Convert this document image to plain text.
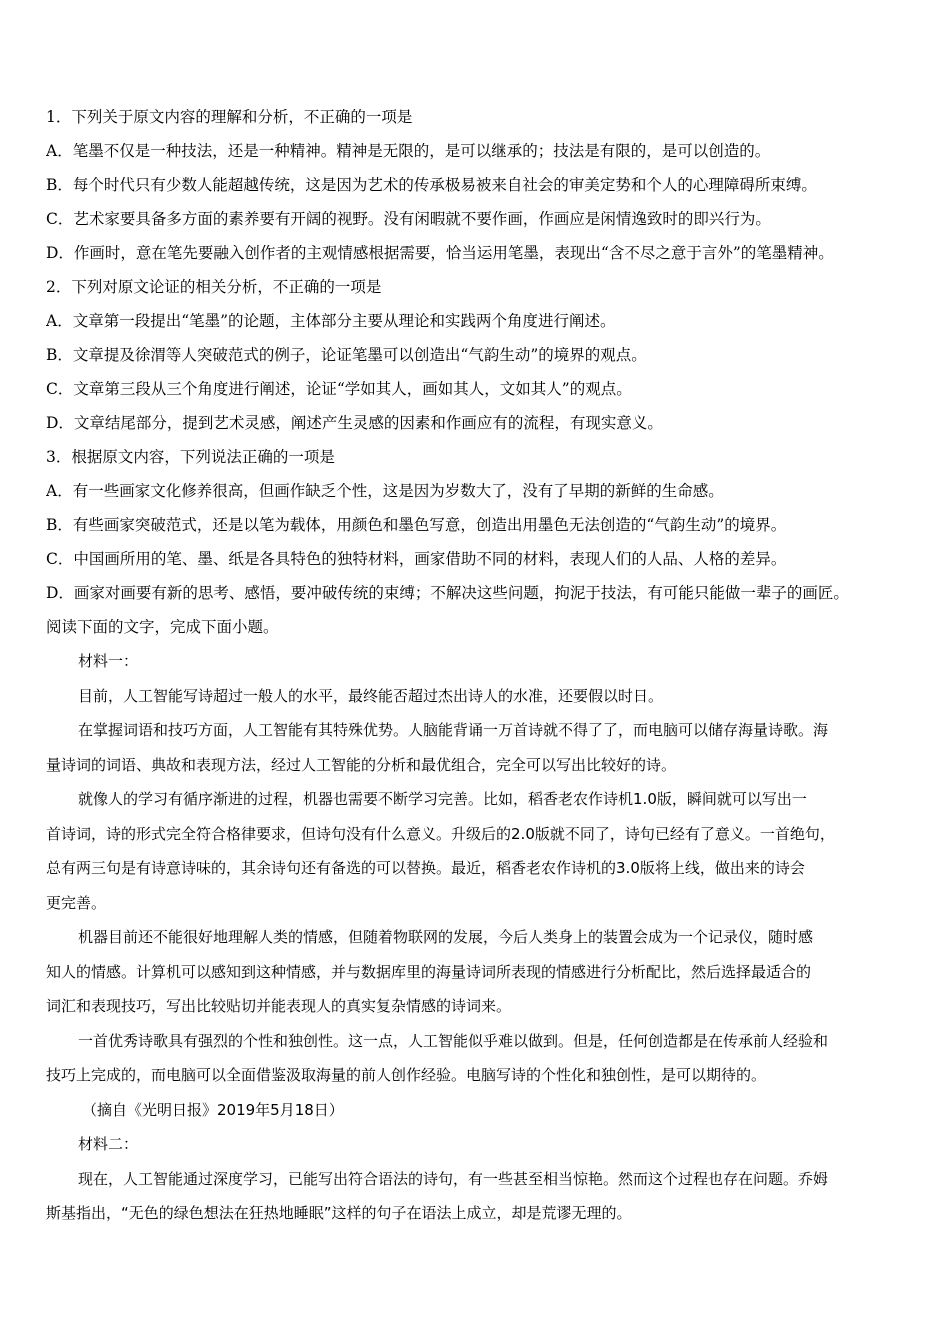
1．下列关于原文内容的理解和分析，不正确的一项是
A．笔墨不仅是一种技法，还是一种精神。精神是无限的，是可以继承的；技法是有限的，是可以创造的。
B．每个时代只有少数人能超越传统，这是因为艺术的传承极易被来自社会的审美定势和个人的心理障碍所束缚。
C．艺术家要具备多方面的素养要有开阔的视野。没有闲暇就不要作画，作画应是闲情逸致时的即兴行为。
D．作画时，意在笔先要融入创作者的主观情感根据需要，恰当运用笔墨，表现出“含不尽之意于言外”的笔墨精神。
2．下列对原文论证的相关分析，不正确的一项是
A．文章第一段提出“笔墨”的论题，主体部分主要从理论和实践两个角度进行阐述。
B．文章提及徐渭等人突破范式的例子，论证笔墨可以创造出“气韵生动”的境界的观点。
C．文章第三段从三个角度进行阐述，论证“学如其人，画如其人，文如其人”的观点。
D．文章结尾部分，提到艺术灵感，阐述产生灵感的因素和作画应有的流程，有现实意义。
3．根据原文内容，下列说法正确的一项是
A．有一些画家文化修养很高，但画作缺乏个性，这是因为岁数大了，没有了早期的新鲜的生命感。
B．有些画家突破范式，还是以笔为载体，用颜色和墨色写意，创造出用墨色无法创造的“气韵生动”的境界。
C．中国画所用的笔、墨、纸是各具特色的独特材料，画家借助不同的材料，表现人们的人品、人格的差异。
D．画家对画要有新的思考、感悟，要冲破传统的束缚；不解决这些问题，拘泥于技法，有可能只能做一辈子的画匠。
阅读下面的文字，完成下面小题。
材料一：
目前，人工智能写诗超过一般人的水平，最终能否超过杰出诗人的水准，还要假以时日。
在掌握词语和技巧方面，人工智能有其特殊优势。人脑能背诵一万首诗就不得了了，而电脑可以储存海量诗歌。海
量诗词的词语、典故和表现方法，经过人工智能的分析和最优组合，完全可以写出比较好的诗。
就像人的学习有循序渐进的过程，机器也需要不断学习完善。比如，稻香老农作诗机1.0版，瞬间就可以写出一
首诗词，诗的形式完全符合格律要求，但诗句没有什么意义。升级后的2.0版就不同了，诗句已经有了意义。一首绝句，
总有两三句是有诗意诗味的，其余诗句还有备选的可以替换。最近，稻香老农作诗机的3.0版将上线，做出来的诗会
更完善。
机器目前还不能很好地理解人类的情感，但随着物联网的发展，今后人类身上的装置会成为一个记录仪，随时感
知人的情感。计算机可以感知到这种情感，并与数据库里的海量诗词所表现的情感进行分析配比，然后选择最适合的
词汇和表现技巧，写出比较贴切并能表现人的真实复杂情感的诗词来。
一首优秀诗歌具有强烈的个性和独创性。这一点，人工智能似乎难以做到。但是，任何创造都是在传承前人经验和
技巧上完成的，而电脑可以全面借鉴汲取海量的前人创作经验。电脑写诗的个性化和独创性，是可以期待的。
（摘自《光明日报》2019年5月18日）
材料二：
现在，人工智能通过深度学习，已能写出符合语法的诗句，有一些甚至相当惊艳。然而这个过程也存在问题。乔姆
斯基指出，“无色的绿色想法在狂热地睡眠”这样的句子在语法上成立，却是荒谬无理的。
